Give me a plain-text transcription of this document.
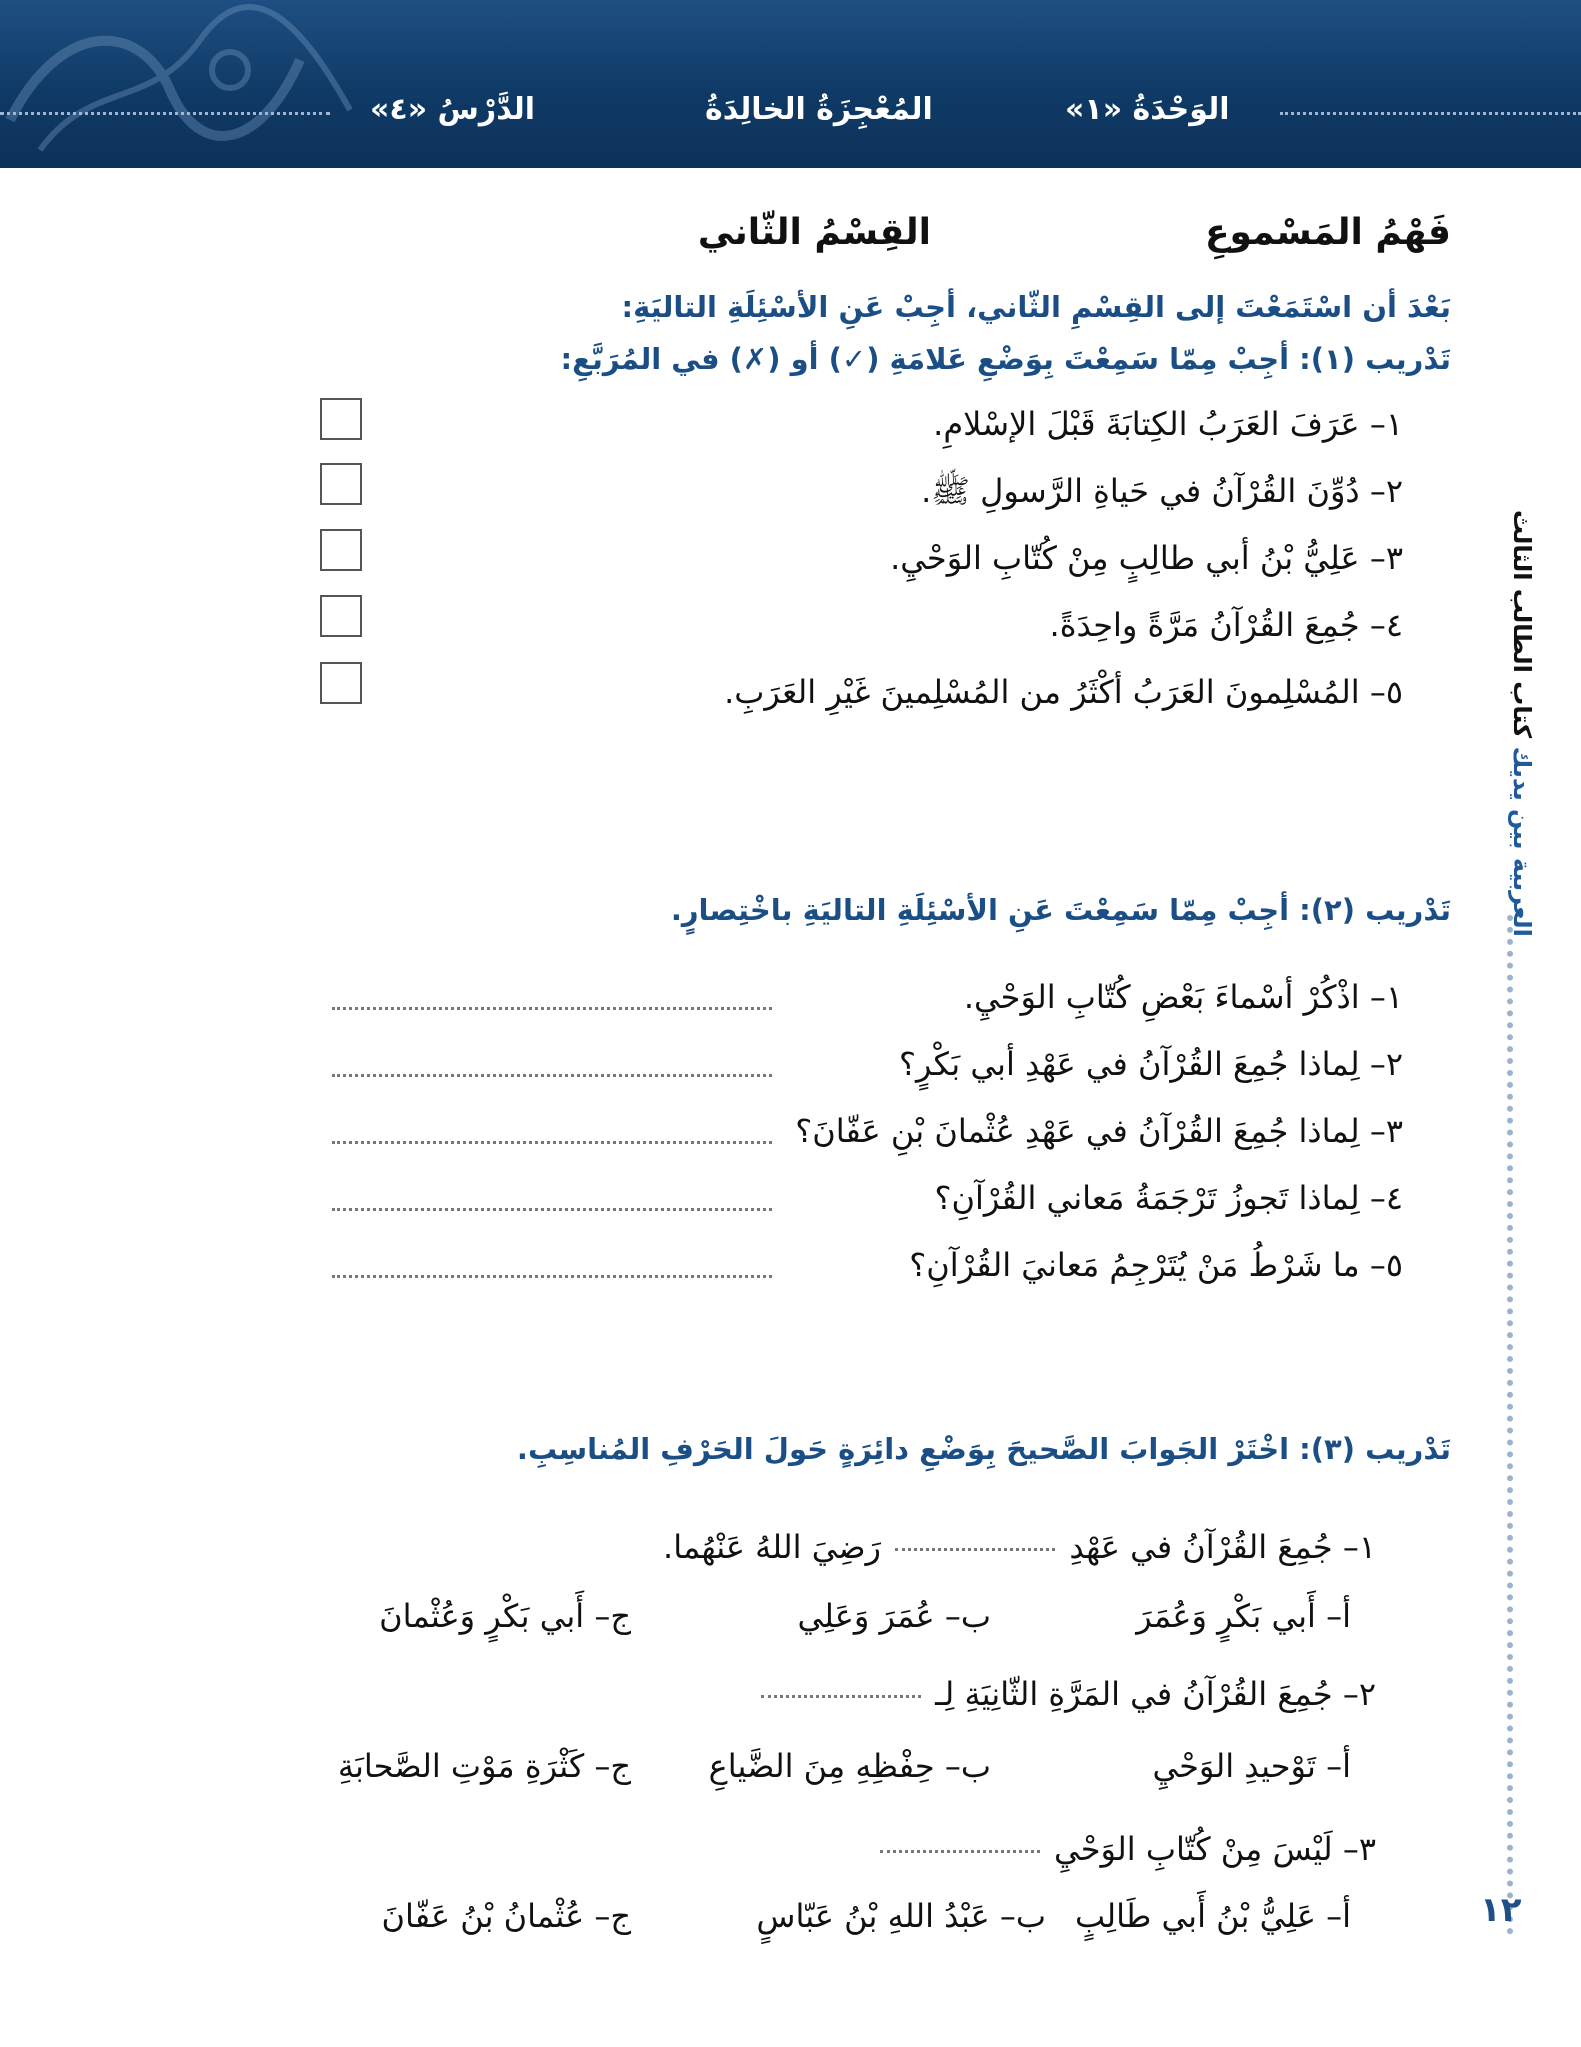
الوَحْدَةُ «١»
المُعْجِزَةُ الخالِدَةُ
الدَّرْسُ «٤»
العربية بين يديك كتاب الطالب الثالث
فَهْمُ المَسْموعِ
القِسْمُ الثّاني
بَعْدَ أن اسْتَمَعْتَ إلى القِسْمِ الثّاني، أجِبْ عَنِ الأسْئِلَةِ التاليَةِ:
تَدْريب (١): أجِبْ مِمّا سَمِعْتَ بِوَضْعِ عَلامَةِ (✓) أو (✗) في المُرَبَّعِ:
١– عَرَفَ العَرَبُ الكِتابَةَ قَبْلَ الإسْلامِ.
٢– دُوِّنَ القُرْآنُ في حَياةِ الرَّسولِ ﷺ.
٣– عَلِيُّ بْنُ أبي طالِبٍ مِنْ كُتّابِ الوَحْيِ.
٤– جُمِعَ القُرْآنُ مَرَّةً واحِدَةً.
٥– المُسْلِمونَ العَرَبُ أكْثَرُ من المُسْلِمينَ غَيْرِ العَرَبِ.
تَدْريب (٢): أجِبْ مِمّا سَمِعْتَ عَنِ الأسْئِلَةِ التاليَةِ باخْتِصارٍ.
١– اذْكُرْ أسْماءَ بَعْضِ كُتّابِ الوَحْيِ.
٢– لِماذا جُمِعَ القُرْآنُ في عَهْدِ أبي بَكْرٍ؟
٣– لِماذا جُمِعَ القُرْآنُ في عَهْدِ عُثْمانَ بْنِ عَفّانَ؟
٤– لِماذا تَجوزُ تَرْجَمَةُ مَعاني القُرْآنِ؟
٥– ما شَرْطُ مَنْ يُتَرْجِمُ مَعانيَ القُرْآنِ؟
تَدْريب (٣): اخْتَرْ الجَوابَ الصَّحيحَ بِوَضْعِ دائِرَةٍ حَولَ الحَرْفِ المُناسِبِ.
١– جُمِعَ القُرْآنُ في عَهْدِ  رَضِيَ اللهُ عَنْهُما.
أ– أَبي بَكْرٍ وَعُمَرَ
ب– عُمَرَ وَعَلِي
ج– أَبي بَكْرٍ وَعُثْمانَ
٢– جُمِعَ القُرْآنُ في المَرَّةِ الثّانِيَةِ لِـ
أ– تَوْحيدِ الوَحْيِ
ب– حِفْظِهِ مِنَ الضَّياعِ
ج– كَثْرَةِ مَوْتِ الصَّحابَةِ
٣– لَيْسَ مِنْ كُتّابِ الوَحْيِ
أ– عَلِيُّ بْنُ أَبي طَالِبٍ
ب– عَبْدُ اللهِ بْنُ عَبّاسٍ
ج– عُثْمانُ بْنُ عَفّانَ	١٢
